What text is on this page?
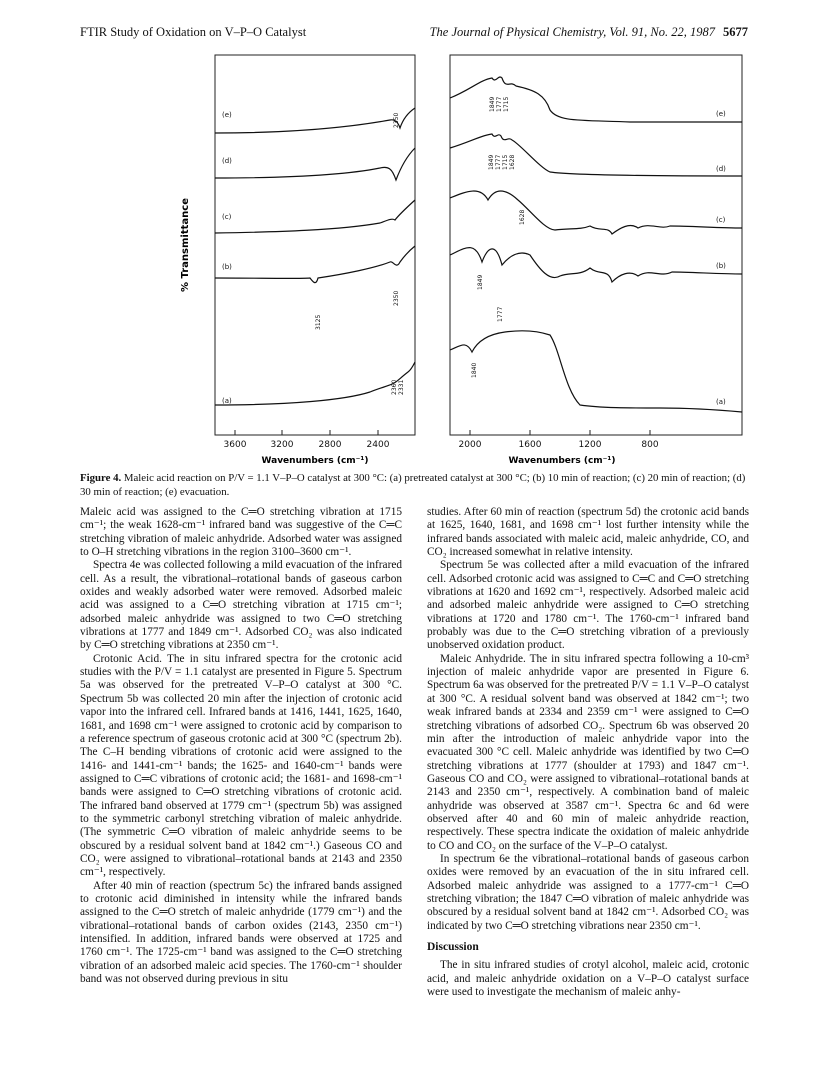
FTIR Study of Oxidation on V–P–O Catalyst	The Journal of Physical Chemistry, Vol. 91, No. 22, 1987 5677
% Transmittance
(e)
(d)
(c)
(b)
(a)
2350
3125
2350
2360 2331
3600	3200	2800	2400
Wavenumbers (cm⁻¹)
(e)
(d)
(c)
(b)
(a)
1849 1777 1715
1849 1777 1715 1628
1628
1849
1777
1840
2000	1600	1200	800
Wavenumbers (cm⁻¹)
Figure 4. Maleic acid reaction on P/V = 1.1 V–P–O catalyst at 300 °C: (a) pretreated catalyst at 300 °C; (b) 10 min of reaction; (c) 20 min of reaction; (d) 30 min of reaction; (e) evacuation.

Maleic acid was assigned to the C═O stretching vibration at 1715 cm⁻¹; the weak 1628-cm⁻¹ infrared band was suggestive of the C═C stretching vibration of maleic anhydride. Adsorbed water was assigned to O–H stretching vibrations in the region 3100–3600 cm⁻¹.

Spectra 4e was collected following a mild evacuation of the infrared cell. As a result, the vibrational–rotational bands of gaseous carbon oxides and weakly adsorbed water were removed. Adsorbed maleic acid was assigned to a C═O stretching vibration at 1715 cm⁻¹; adsorbed maleic anhydride was assigned to two C═O stretching vibrations at 1777 and 1849 cm⁻¹. Adsorbed CO₂ was also indicated by C═O stretching vibrations at 2350 cm⁻¹.

Crotonic Acid. The in situ infrared spectra for the crotonic acid studies with the P/V = 1.1 catalyst are presented in Figure 5. Spectrum 5a was observed for the pretreated V–P–O catalyst at 300 °C. Spectrum 5b was collected 20 min after the injection of crotonic acid vapor into the infrared cell. Infrared bands at 1416, 1441, 1625, 1640, 1681, and 1698 cm⁻¹ were assigned to crotonic acid by comparison to a reference spectrum of gaseous crotonic acid at 300 °C (spectrum 2b). The C–H bending vibrations of crotonic acid were assigned to the 1416- and 1441-cm⁻¹ bands; the 1625- and 1640-cm⁻¹ bands were assigned to C═C vibrations of crotonic acid; the 1681- and 1698-cm⁻¹ bands were assigned to C═O stretching vibrations of crotonic acid. The infrared band observed at 1779 cm⁻¹ (spectrum 5b) was assigned to the symmetric carbonyl stretching vibration of maleic anhydride. (The symmetric C═O vibration of maleic anhydride seems to be obscured by a residual solvent band at 1842 cm⁻¹.) Gaseous CO and CO₂ were assigned to vibrational–rotational bands at 2143 and 2350 cm⁻¹, respectively.

After 40 min of reaction (spectrum 5c) the infrared bands assigned to crotonic acid diminished in intensity while the infrared bands assigned to the C═O stretch of maleic anhydride (1779 cm⁻¹) and the vibrational–rotational bands of carbon oxides (2143, 2350 cm⁻¹) intensified. In addition, infrared bands were observed at 1725 and 1760 cm⁻¹. The 1725-cm⁻¹ band was assigned to the C═O stretching vibration of an adsorbed maleic acid species. The 1760-cm⁻¹ shoulder band was not observed during previous in situ

studies. After 60 min of reaction (spectrum 5d) the crotonic acid bands at 1625, 1640, 1681, and 1698 cm⁻¹ lost further intensity while the infrared bands associated with maleic acid, maleic anhydride, CO, and CO₂ increased somewhat in relative intensity.

Spectrum 5e was collected after a mild evacuation of the infrared cell. Adsorbed crotonic acid was assigned to C═C and C═O stretching vibrations at 1620 and 1692 cm⁻¹, respectively. Adsorbed maleic acid and adsorbed maleic anhydride were assigned to C═O stretching vibrations at 1720 and 1780 cm⁻¹. The 1760-cm⁻¹ infrared band probably was due to the C═O stretching vibration of a previously unobserved oxidation product.

Maleic Anhydride. The in situ infrared spectra following a 10-cm³ injection of maleic anhydride vapor are presented in Figure 6. Spectrum 6a was observed for the pretreated P/V = 1.1 V–P–O catalyst at 300 °C. A residual solvent band was observed at 1842 cm⁻¹; two weak infrared bands at 2334 and 2359 cm⁻¹ were assigned to C═O stretching vibrations of adsorbed CO₂. Spectrum 6b was observed 20 min after the introduction of maleic anhydride vapor into the evacuated 300 °C cell. Maleic anhydride was identified by two C═O stretching vibrations at 1777 (shoulder at 1793) and 1847 cm⁻¹. Gaseous CO and CO₂ were assigned to vibrational–rotational bands at 2143 and 2350 cm⁻¹, respectively. A combination band of maleic anhydride was observed at 3587 cm⁻¹. Spectra 6c and 6d were observed after 40 and 60 min of maleic anhydride reaction, respectively. These spectra indicate the oxidation of maleic anhydride to CO and CO₂ on the surface of the V–P–O catalyst.

In spectrum 6e the vibrational–rotational bands of gaseous carbon oxides were removed by an evacuation of the in situ infrared cell. Adsorbed maleic anhydride was assigned to a 1777-cm⁻¹ C═O stretching vibration; the 1847 C═O vibration of maleic anhydride was obscured by a residual solvent band at 1842 cm⁻¹. Adsorbed CO₂ was indicated by two C═O stretching vibrations near 2350 cm⁻¹.

Discussion

The in situ infrared studies of crotyl alcohol, maleic acid, crotonic acid, and maleic anhydride oxidation on a V–P–O catalyst surface were used to investigate the mechanism of maleic anhy-
